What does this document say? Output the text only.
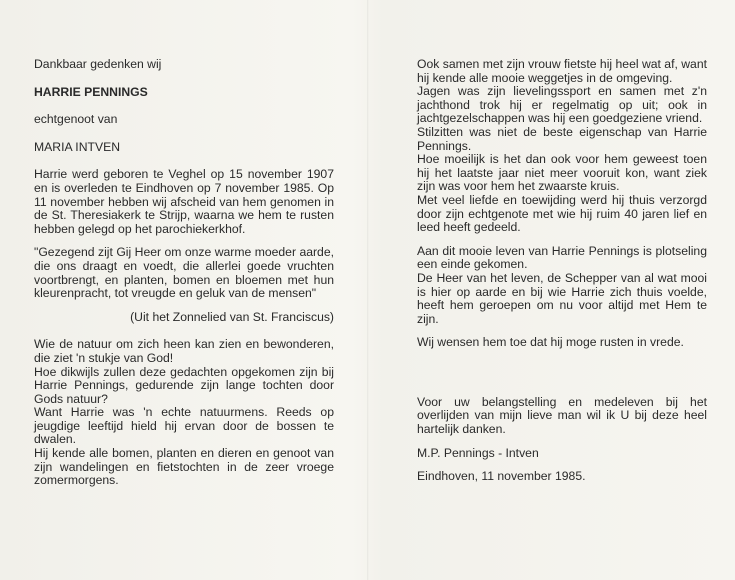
Dankbaar gedenken wij

HARRIE PENNINGS

echtgenoot van

MARIA INTVEN

Harrie werd geboren te Veghel op 15 november 1907 en is overleden te Eindhoven op 7 november 1985. Op 11 november hebben wij afscheid van hem genomen in de St. Theresiakerk te Strijp, waarna we hem te rusten hebben gelegd op het parochiekerkhof.

"Gezegend zijt Gij Heer om onze warme moeder aarde, die ons draagt en voedt, die allerlei goede vruchten voortbrengt, en planten, bomen en bloemen met hun kleurenpracht, tot vreugde en geluk van de mensen"

(Uit het Zonnelied van St. Franciscus)

Wie de natuur om zich heen kan zien en bewonderen, die ziet 'n stukje van God!

Hoe dikwijls zullen deze gedachten opgekomen zijn bij Harrie Pennings, gedurende zijn lange tochten door Gods natuur?

Want Harrie was 'n echte natuurmens. Reeds op jeugdige leeftijd hield hij ervan door de bossen te dwalen.

Hij kende alle bomen, planten en dieren en genoot van zijn wandelingen en fietstochten in de zeer vroege zomermorgens.

Ook samen met zijn vrouw fietste hij heel wat af, want hij kende alle mooie weggetjes in de omgeving.

Jagen was zijn lievelingssport en samen met z'n jachthond trok hij er regelmatig op uit; ook in jachtgezelschappen was hij een goedgeziene vriend.

Stilzitten was niet de beste eigenschap van Harrie Pennings.

Hoe moeilijk is het dan ook voor hem geweest toen hij het laatste jaar niet meer vooruit kon, want ziek zijn was voor hem het zwaarste kruis.

Met veel liefde en toewijding werd hij thuis verzorgd door zijn echtgenote met wie hij ruim 40 jaren lief en leed heeft gedeeld.

Aan dit mooie leven van Harrie Pennings is plotseling een einde gekomen.

De Heer van het leven, de Schepper van al wat mooi is hier op aarde en bij wie Harrie zich thuis voelde, heeft hem geroepen om nu voor altijd met Hem te zijn.

Wij wensen hem toe dat hij moge rusten in vrede.

Voor uw belangstelling en medeleven bij het overlijden van mijn lieve man wil ik U bij deze heel hartelijk danken.

M.P. Pennings - Intven

Eindhoven, 11 november 1985.
